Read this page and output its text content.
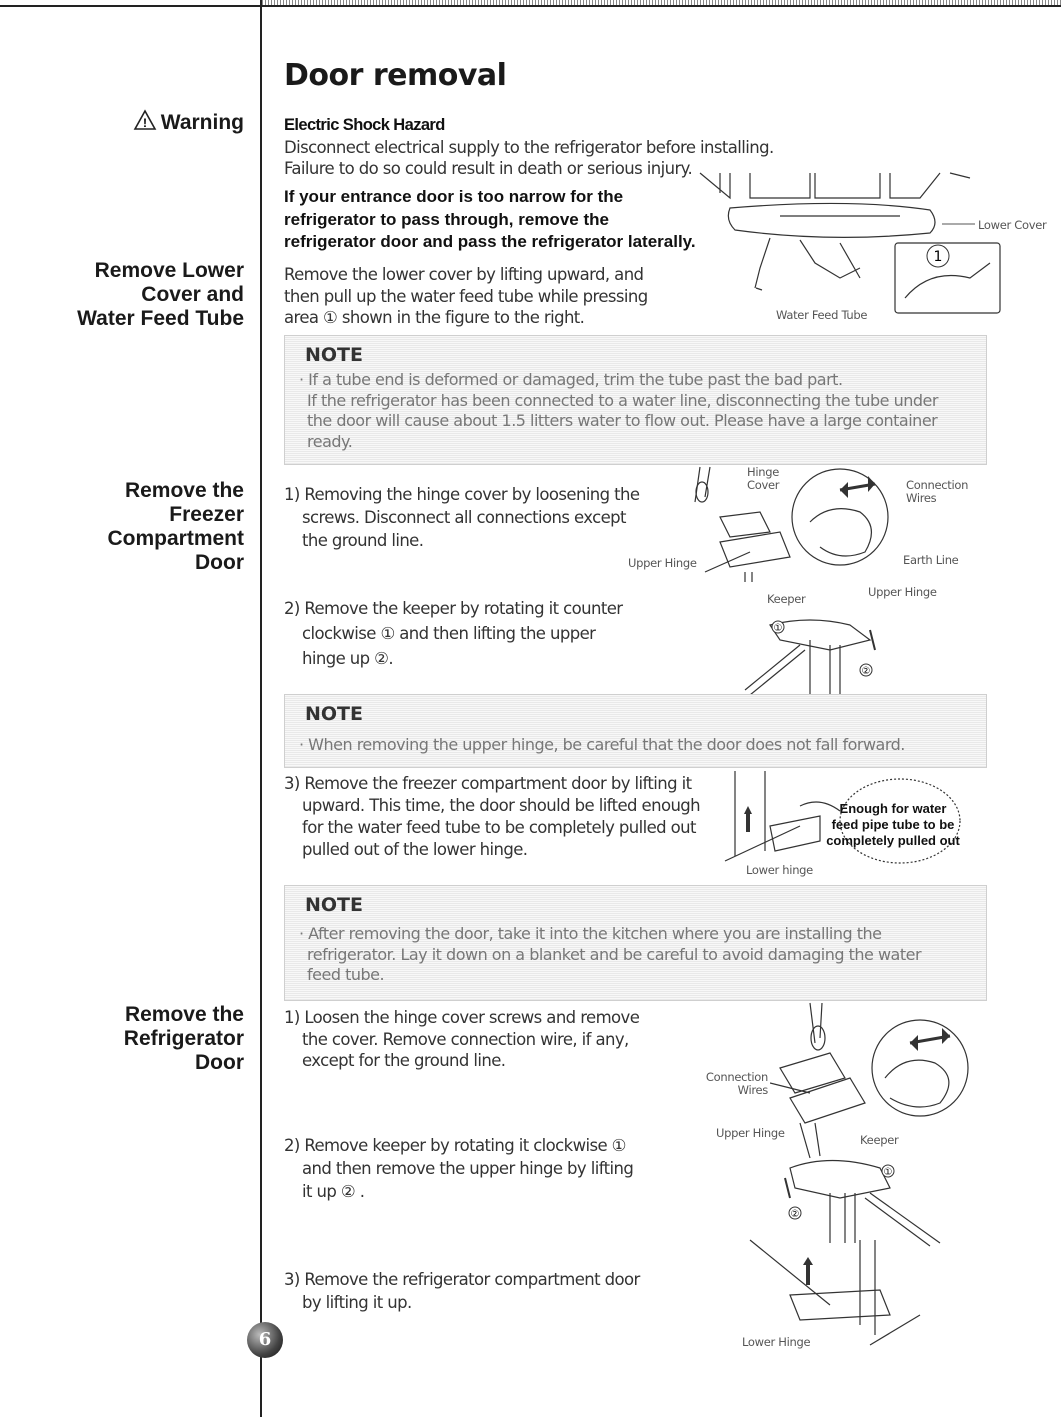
! Warning
Remove Lower
Cover and
Water Feed Tube
Remove the
Freezer
Compartment
Door
Remove the
Refrigerator
Door
Door removal
Electric Shock Hazard
Disconnect electrical supply to the refrigerator before installing.
Failure to do so could result in death or serious injury.
If your entrance door is too narrow for the
refrigerator to pass through, remove the
refrigerator door and pass the refrigerator laterally.
Remove the lower cover by lifting upward, and
then pull up the water feed tube while pressing
area ① shown in the figure to the right.
1
Lower Cover
Water Feed Tube
NOTE
· If a tube end is deformed or damaged, trim the tube past the bad part.
If the refrigerator has been connected to a water line, disconnecting the tube under
the door will cause about 1.5 litters water to flow out. Please have a large container
ready.
1) Removing the hinge cover by loosening the
screws. Disconnect all connections except
the ground line.
2) Remove the keeper by rotating it counter
clockwise ① and then lifting the upper
hinge up ②.
Hinge
Cover	Connection
Wires
Earth Line
Upper Hinge
①
②
Keeper	Upper Hinge
NOTE
· When removing the upper hinge, be careful that the door does not fall forward.
3) Remove the freezer compartment door by lifting it
upward. This time, the door should be lifted enough
for the water feed tube to be completely pulled out
pulled out of the lower hinge.
Enough for water
feed pipe tube to be
completely pulled out
Lower hinge
NOTE
· After removing the door, take it into the kitchen where you are installing the
refrigerator. Lay it down on a blanket and be careful to avoid damaging the water
feed tube.
1) Loosen the hinge cover screws and remove
the cover. Remove connection wire, if any,
except for the ground line.
2) Remove keeper by rotating it clockwise ①
and then remove the upper hinge by lifting
it up ② .
3) Remove the refrigerator compartment door
by lifting it up.
Connection
Wires
①
②
Upper Hinge	Keeper
Lower Hinge
6
